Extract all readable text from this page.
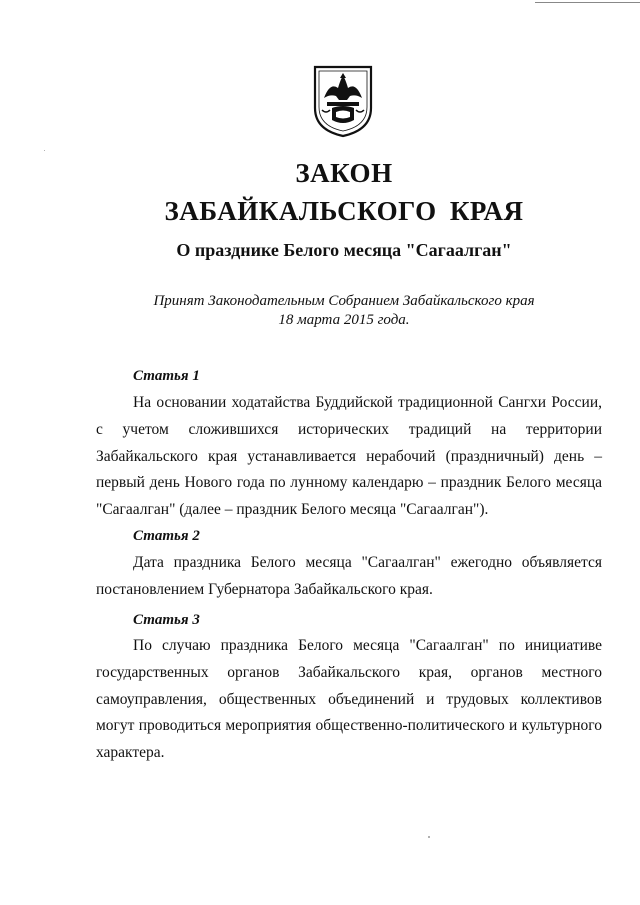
ЗАКОН
ЗАБАЙКАЛЬСКОГО КРАЯ
О празднике Белого месяца "Сагаалган"
Принят Законодательным Собранием Забайкальского края
18 марта 2015 года.
Статья 1

На основании ходатайства Буддийской традиционной Сангхи России, с учетом сложившихся исторических традиций на территории Забайкальского края устанавливается нерабочий (праздничный) день – первый день Нового года по лунному календарю – праздник Белого месяца "Сагаалган" (далее – праздник Белого месяца "Сагаалган").

Статья 2

Дата праздника Белого месяца "Сагаалган" ежегодно объявляется постановлением Губернатора Забайкальского края.

Статья 3

По случаю праздника Белого месяца "Сагаалган" по инициативе государственных органов Забайкальского края, органов местного самоуправления, общественных объединений и трудовых коллективов могут проводиться мероприятия общественно-политического и культурного характера.
